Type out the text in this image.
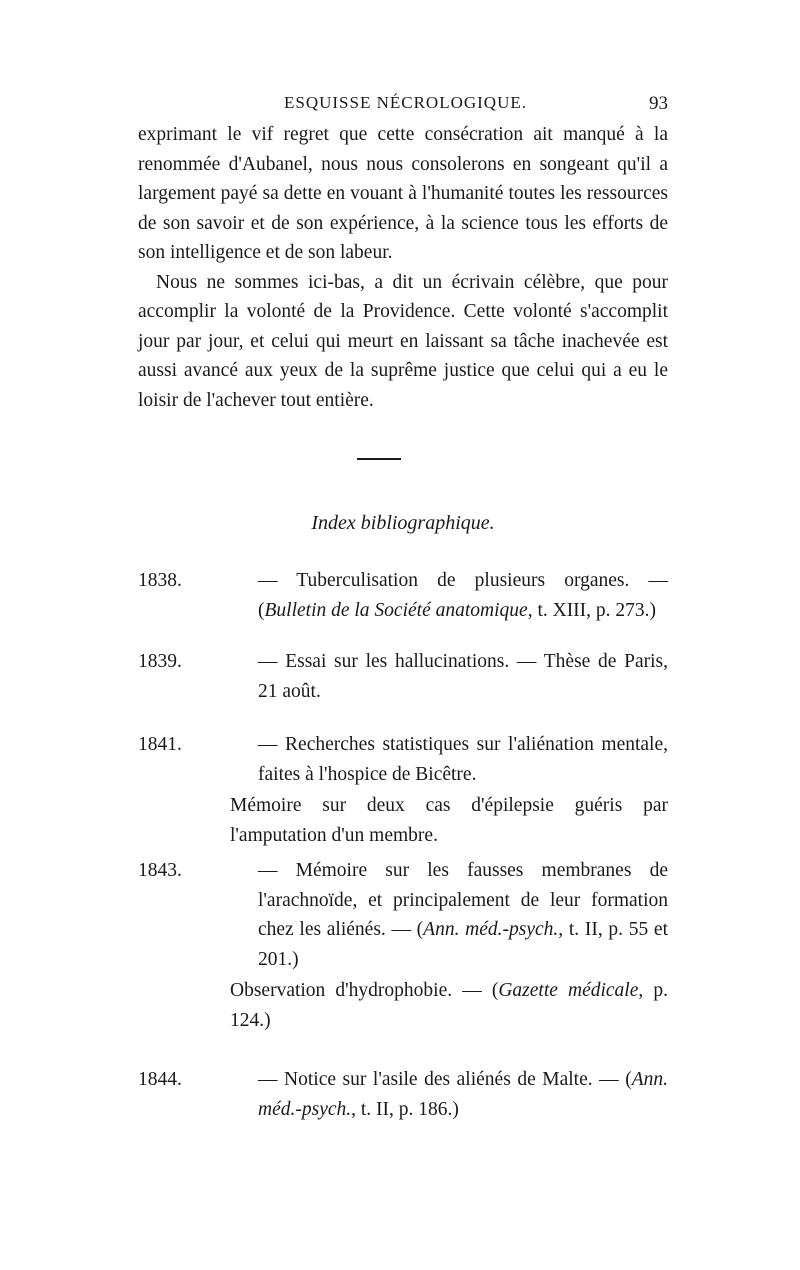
ESQUISSE NÉCROLOGIQUE.	93

exprimant le vif regret que cette consécration ait manqué à la renommée d'Aubanel, nous nous consolerons en songeant qu'il a largement payé sa dette en vouant à l'humanité toutes les ressources de son savoir et de son expérience, à la science tous les efforts de son intelligence et de son labeur.

Nous ne sommes ici-bas, a dit un écrivain célèbre, que pour accomplir la volonté de la Providence. Cette volonté s'accomplit jour par jour, et celui qui meurt en laissant sa tâche inachevée est aussi avancé aux yeux de la suprême justice que celui qui a eu le loisir de l'achever tout entière.

Index bibliographique.
1838.	— Tuberculisation de plusieurs organes. — (Bulletin de la Société anatomique, t. XIII, p. 273.)
1839.	— Essai sur les hallucinations. — Thèse de Paris, 21 août.
1841.	— Recherches statistiques sur l'aliénation mentale, faites à l'hospice de Bicêtre.
Mémoire sur deux cas d'épilepsie guéris par l'amputation d'un membre.
1843.	— Mémoire sur les fausses membranes de l'arachnoïde, et principalement de leur formation chez les aliénés. — (Ann. méd.-psych., t. II, p. 55 et 201.)
Observation d'hydrophobie. — (Gazette médicale, p. 124.)
1844.	— Notice sur l'asile des aliénés de Malte. — (Ann. méd.-psych., t. II, p. 186.)
